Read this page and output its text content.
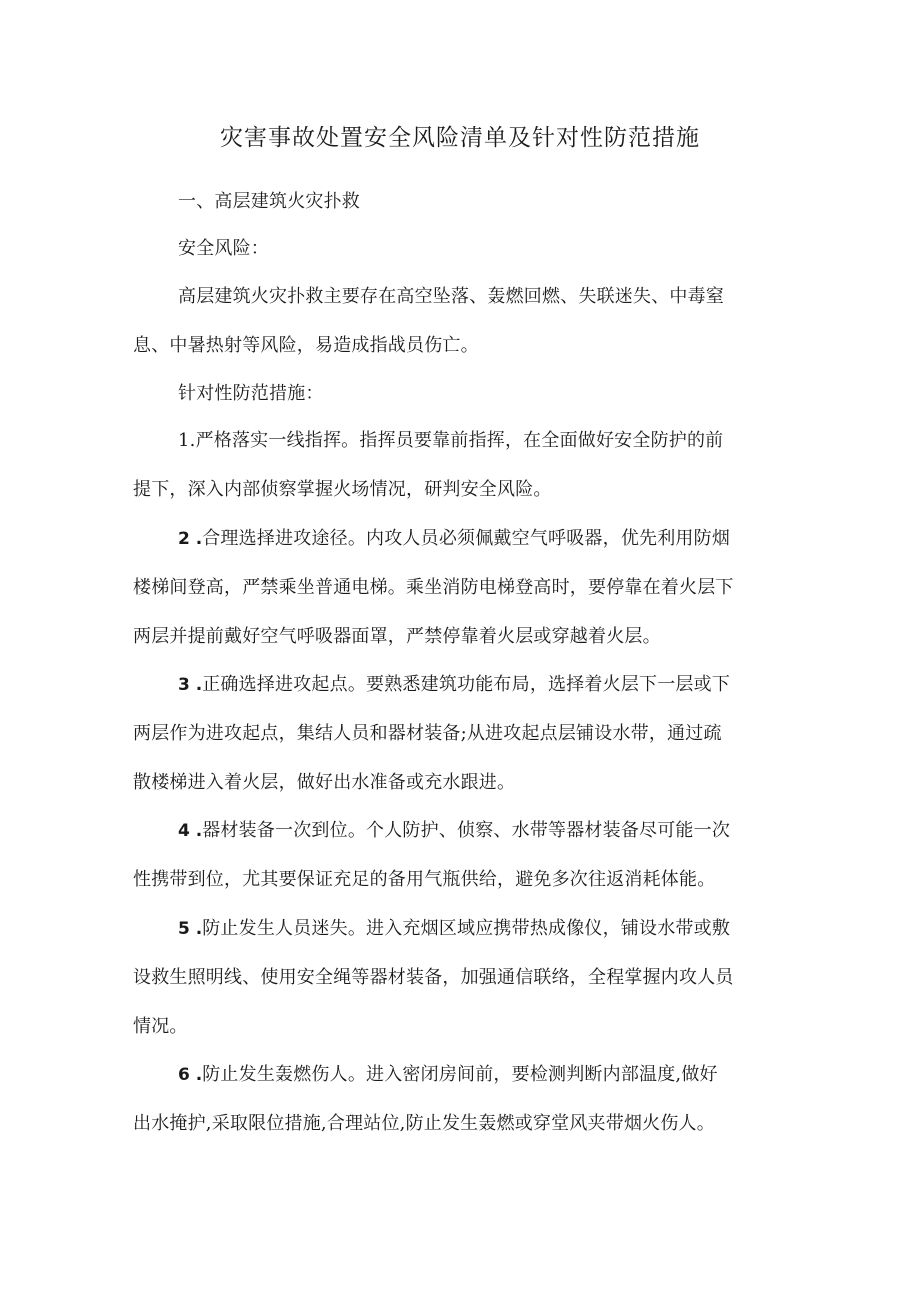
灾害事故处置安全风险清单及针对性防范措施
一、高层建筑火灾扑救
安全风险：
高层建筑火灾扑救主要存在高空坠落、轰燃回燃、失联迷失、中毒窒
息、中暑热射等风险，易造成指战员伤亡。
针对性防范措施：
1.严格落实一线指挥。指挥员要靠前指挥，在全面做好安全防护的前
提下，深入内部侦察掌握火场情况，研判安全风险。
2 .合理选择进攻途径。内攻人员必须佩戴空气呼吸器，优先利用防烟
楼梯间登高，严禁乘坐普通电梯。乘坐消防电梯登高时，要停靠在着火层下
两层并提前戴好空气呼吸器面罩，严禁停靠着火层或穿越着火层。
3 .正确选择进攻起点。要熟悉建筑功能布局，选择着火层下一层或下
两层作为进攻起点，集结人员和器材装备;从进攻起点层铺设水带，通过疏
散楼梯进入着火层，做好出水准备或充水跟进。
4 .器材装备一次到位。个人防护、侦察、水带等器材装备尽可能一次
性携带到位，尤其要保证充足的备用气瓶供给，避免多次往返消耗体能。
5 .防止发生人员迷失。进入充烟区域应携带热成像仪，铺设水带或敷
设救生照明线、使用安全绳等器材装备，加强通信联络，全程掌握内攻人员
情况。
6 .防止发生轰燃伤人。进入密闭房间前，要检测判断内部温度,做好
出水掩护,采取限位措施,合理站位,防止发生轰燃或穿堂风夹带烟火伤人。
